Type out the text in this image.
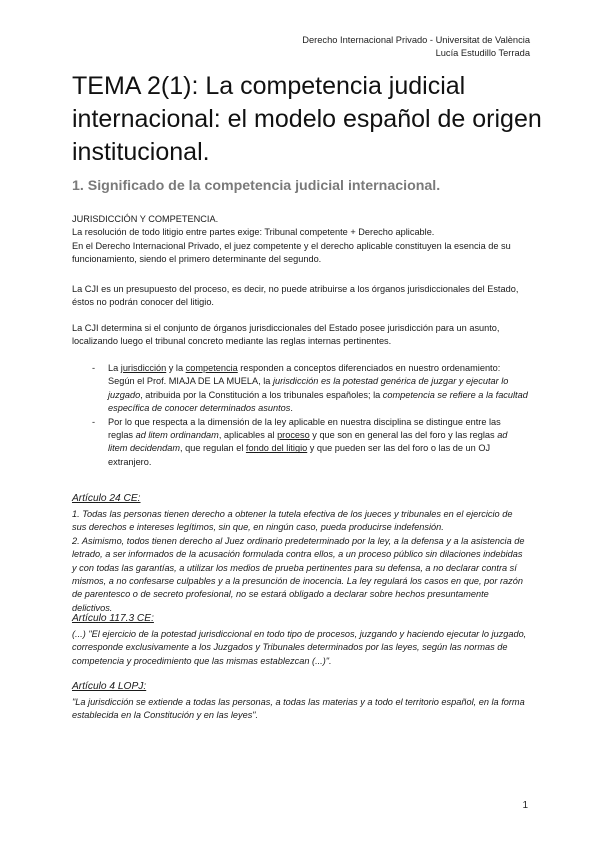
Derecho Internacional Privado - Universitat de València
Lucía Estudillo Terrada
TEMA 2(1): La competencia judicial internacional: el modelo español de origen institucional.
1. Significado de la competencia judicial internacional.

JURISDICCIÓN Y COMPETENCIA.

La resolución de todo litigio entre partes exige: Tribunal competente + Derecho aplicable.

En el Derecho Internacional Privado, el juez competente y el derecho aplicable constituyen la esencia de su funcionamiento, siendo el primero determinante del segundo.

La CJI es un presupuesto del proceso, es decir, no puede atribuirse a los órganos jurisdiccionales del Estado, éstos no podrán conocer del litigio.

La CJI determina si el conjunto de órganos jurisdiccionales del Estado posee jurisdicción para un asunto, localizando luego el tribunal concreto mediante las reglas internas pertinentes.

- La jurisdicción y la competencia responden a conceptos diferenciados en nuestro ordenamiento: Según el Prof. MIAJA DE LA MUELA, la jurisdicción es la potestad genérica de juzgar y ejecutar lo juzgado, atribuida por la Constitución a los tribunales españoles; la competencia se refiere a la facultad específica de conocer determinados asuntos.
- Por lo que respecta a la dimensión de la ley aplicable en nuestra disciplina se distingue entre las reglas ad litem ordinandam, aplicables al proceso y que son en general las del foro y las reglas ad litem decidendam, que regulan el fondo del litigio y que pueden ser las del foro o las de un OJ extranjero.
Artículo 24 CE:

1. Todas las personas tienen derecho a obtener la tutela efectiva de los jueces y tribunales en el ejercicio de sus derechos e intereses legítimos, sin que, en ningún caso, pueda producirse indefensión.

2. Asimismo, todos tienen derecho al Juez ordinario predeterminado por la ley, a la defensa y a la asistencia de letrado, a ser informados de la acusación formulada contra ellos, a un proceso público sin dilaciones indebidas y con todas las garantías, a utilizar los medios de prueba pertinentes para su defensa, a no declarar contra sí mismos, a no confesarse culpables y a la presunción de inocencia. La ley regulará los casos en que, por razón de parentesco o de secreto profesional, no se estará obligado a declarar sobre hechos presuntamente delictivos.

Artículo 117.3 CE:

(...) "El ejercicio de la potestad jurisdiccional en todo tipo de procesos, juzgando y haciendo ejecutar lo juzgado, corresponde exclusivamente a los Juzgados y Tribunales determinados por las leyes, según las normas de competencia y procedimiento que las mismas establezcan (...)".

Artículo 4 LOPJ:

"La jurisdicción se extiende a todas las personas, a todas las materias y a todo el territorio español, en la forma establecida en la Constitución y en las leyes".

1
